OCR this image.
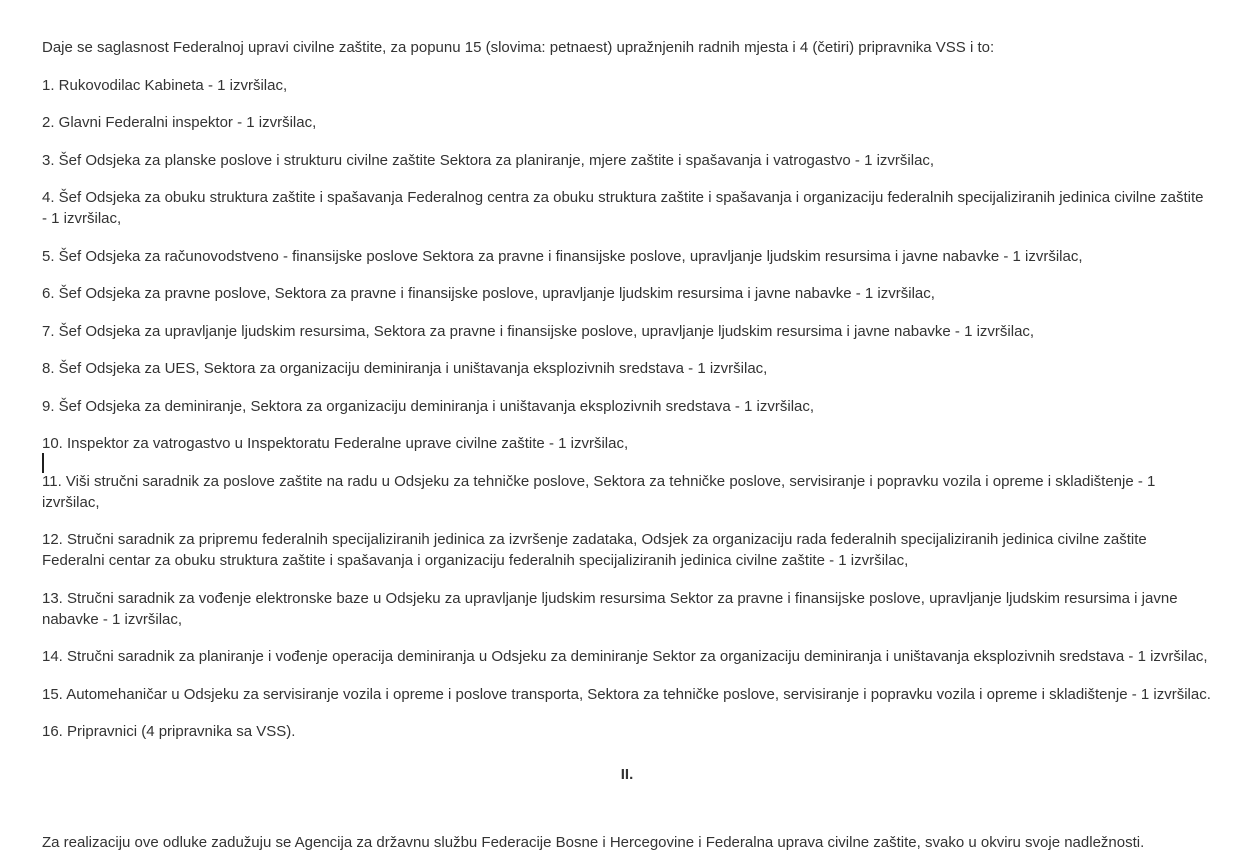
Daje se saglasnost Federalnoj upravi civilne zaštite, za popunu 15 (slovima: petnaest) upražnjenih radnih mjesta i 4 (četiri) pripravnika VSS i to:

1. Rukovodilac Kabineta - 1 izvršilac,

2. Glavni Federalni inspektor - 1 izvršilac,

3. Šef Odsjeka za planske poslove i strukturu civilne zaštite Sektora za planiranje, mjere zaštite i spašavanja i vatrogastvo - 1 izvršilac,

4. Šef Odsjeka za obuku struktura zaštite i spašavanja Federalnog centra za obuku struktura zaštite i spašavanja i organizaciju federalnih specijaliziranih jedinica civilne zaštite - 1 izvršilac,

5. Šef Odsjeka za računovodstveno - finansijske poslove Sektora za pravne i finansijske poslove, upravljanje ljudskim resursima i javne nabavke - 1 izvršilac,

6. Šef Odsjeka za pravne poslove, Sektora za pravne i finansijske poslove, upravljanje ljudskim resursima i javne nabavke - 1 izvršilac,

7. Šef Odsjeka za upravljanje ljudskim resursima, Sektora za pravne i finansijske poslove, upravljanje ljudskim resursima i javne nabavke - 1 izvršilac,

8. Šef Odsjeka za UES, Sektora za organizaciju deminiranja i uništavanja eksplozivnih sredstava - 1 izvršilac,

9. Šef Odsjeka za deminiranje, Sektora za organizaciju deminiranja i uništavanja eksplozivnih sredstava - 1 izvršilac,

10. Inspektor za vatrogastvo u Inspektoratu Federalne uprave civilne zaštite - 1 izvršilac,

11. Viši stručni saradnik za poslove zaštite na radu u Odsjeku za tehničke poslove, Sektora za tehničke poslove, servisiranje i popravku vozila i opreme i skladištenje - 1 izvršilac,

12. Stručni saradnik za pripremu federalnih specijaliziranih jedinica za izvršenje zadataka, Odsjek za organizaciju rada federalnih specijaliziranih jedinica civilne zaštite Federalni centar za obuku struktura zaštite i spašavanja i organizaciju federalnih specijaliziranih jedinica civilne zaštite - 1 izvršilac,

13. Stručni saradnik za vođenje elektronske baze u Odsjeku za upravljanje ljudskim resursima Sektor za pravne i finansijske poslove, upravljanje ljudskim resursima i javne nabavke - 1 izvršilac,

14. Stručni saradnik za planiranje i vođenje operacija deminiranja u Odsjeku za deminiranje Sektor za organizaciju deminiranja i uništavanja eksplozivnih sredstava - 1 izvršilac,

15. Automehaničar u Odsjeku za servisiranje vozila i opreme i poslove transporta, Sektora za tehničke poslove, servisiranje i popravku vozila i opreme i skladištenje - 1 izvršilac.

16. Pripravnici (4 pripravnika sa VSS).

II.

Za realizaciju ove odluke zadužuju se Agencija za državnu službu Federacije Bosne i Hercegovine i Federalna uprava civilne zaštite, svako u okviru svoje nadležnosti.
